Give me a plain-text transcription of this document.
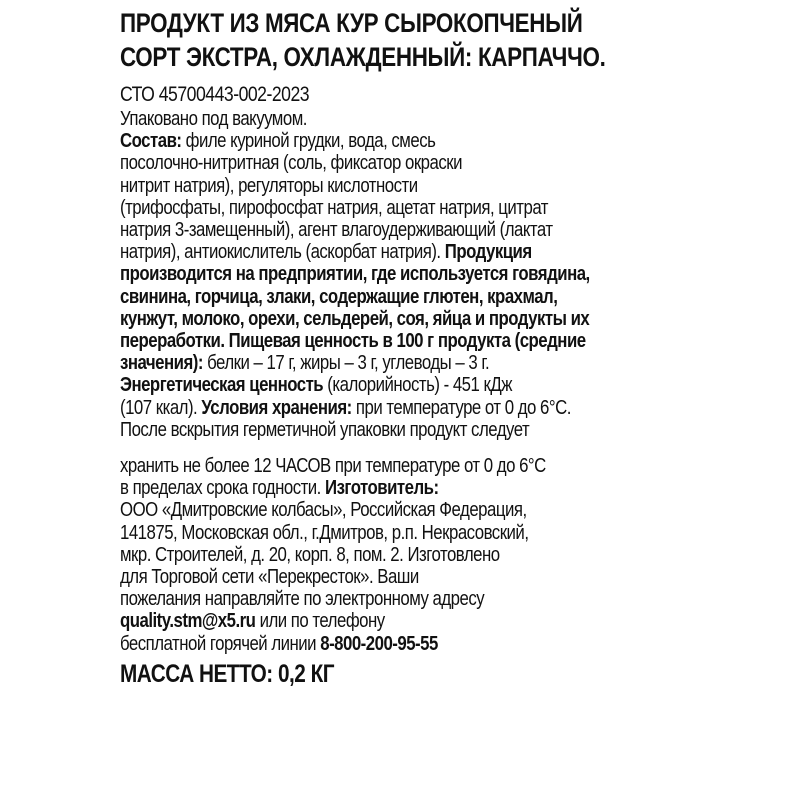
ПРОДУКТ ИЗ МЯСА КУР СЫРОКОПЧЕНЫЙ
СОРТ ЭКСТРА, ОХЛАЖДЕННЫЙ: КАРПАЧЧО.
СТО 45700443-002-2023
Упаковано под вакуумом.
Состав: филе куриной грудки, вода, смесь
посолочно-нитритная (соль, фиксатор окраски
нитрит натрия), регуляторы кислотности
(трифосфаты, пирофосфат натрия, ацетат натрия, цитрат
натрия 3-замещенный), агент влагоудерживающий (лактат
натрия), антиокислитель (аскорбат натрия). Продукция
производится на предприятии, где используется говядина,
свинина, горчица, злаки, содержащие глютен, крахмал,
кунжут, молоко, орехи, сельдерей, соя, яйца и продукты их
переработки. Пищевая ценность в 100 г продукта (средние
значения): белки – 17 г, жиры – 3 г, углеводы – 3 г.
Энергетическая ценность (калорийность) - 451 кДж
(107 ккал). Условия хранения: при температуре от 0 до 6°С.
После вскрытия герметичной упаковки продукт следует
хранить не более 12 ЧАСОВ при температуре от 0 до 6°С
в пределах срока годности. Изготовитель:
ООО «Дмитровские колбасы», Российская Федерация,
141875, Московская обл., г.Дмитров, р.п. Некрасовский,
мкр. Строителей, д. 20, корп. 8, пом. 2. Изготовлено
для Торговой сети «Перекресток». Ваши
пожелания направляйте по электронному адресу
quality.stm@x5.ru или по телефону
бесплатной горячей линии 8-800-200-95-55
МАССА НЕТТО: 0,2 КГ
